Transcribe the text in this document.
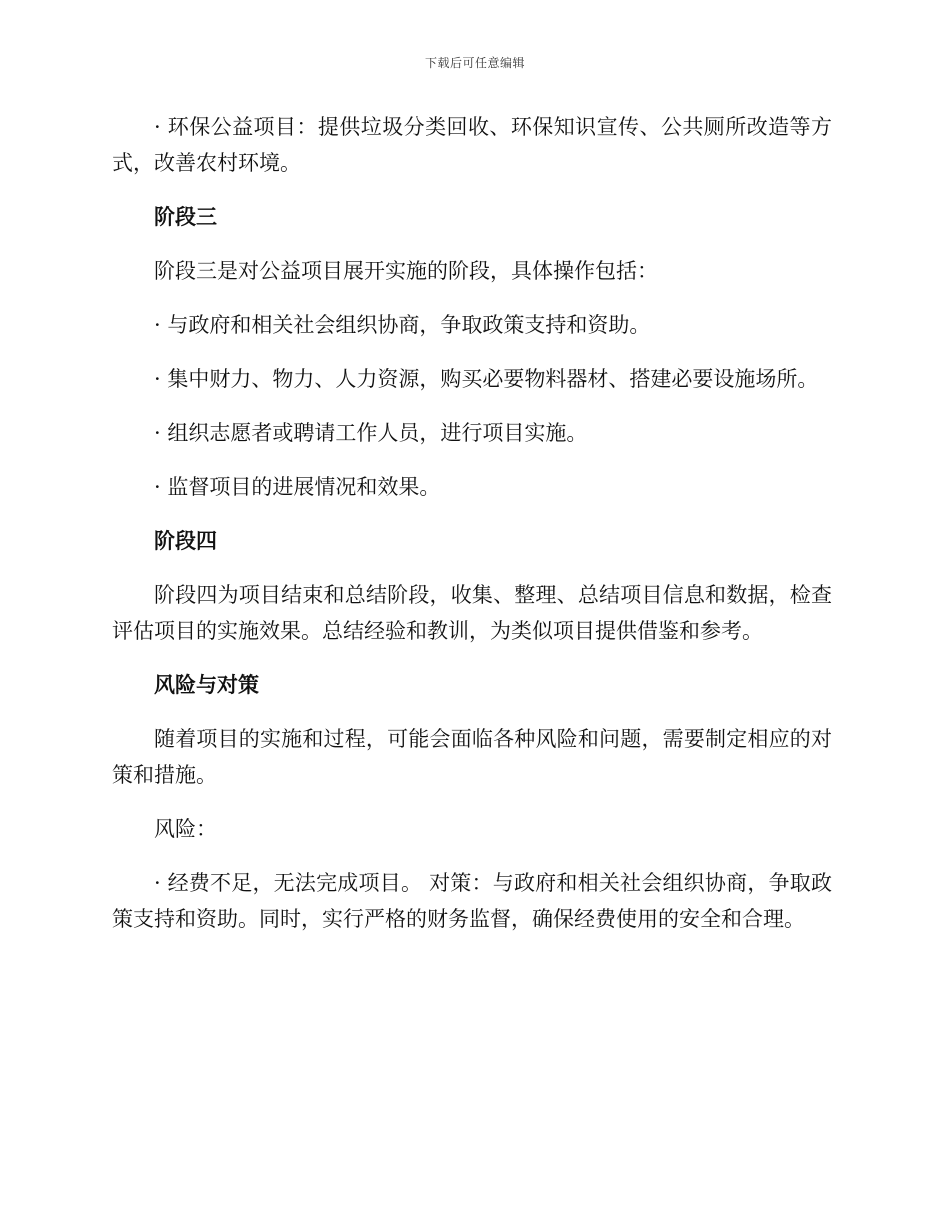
下载后可任意编辑

· 环保公益项目：提供垃圾分类回收、环保知识宣传、公共厕所改造等方式，改善农村环境。

阶段三

阶段三是对公益项目展开实施的阶段，具体操作包括：

· 与政府和相关社会组织协商，争取政策支持和资助。

· 集中财力、物力、人力资源，购买必要物料器材、搭建必要设施场所。

· 组织志愿者或聘请工作人员，进行项目实施。

· 监督项目的进展情况和效果。

阶段四

阶段四为项目结束和总结阶段，收集、整理、总结项目信息和数据，检查评估项目的实施效果。总结经验和教训，为类似项目提供借鉴和参考。

风险与对策

随着项目的实施和过程，可能会面临各种风险和问题，需要制定相应的对策和措施。

风险：

· 经费不足，无法完成项目。 对策：与政府和相关社会组织协商，争取政策支持和资助。同时，实行严格的财务监督，确保经费使用的安全和合理。
